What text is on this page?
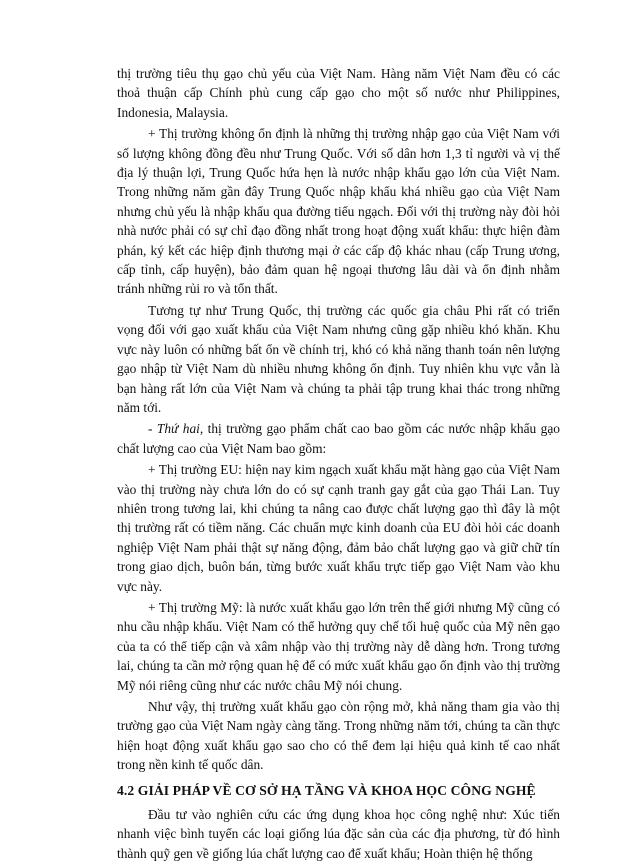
thị trường tiêu thụ gạo chủ yếu của Việt Nam. Hàng năm Việt Nam đều có các thoả thuận cấp Chính phủ cung cấp gạo cho một số nước như Philippines, Indonesia, Malaysia.

+ Thị trường không ổn định là những thị trường nhập gạo của Việt Nam với số lượng không đồng đều như Trung Quốc. Với số dân hơn 1,3 tỉ người và vị thế địa lý thuận lợi, Trung Quốc hứa hẹn là nước nhập khẩu gạo lớn của Việt Nam. Trong những năm gần đây Trung Quốc nhập khẩu khá nhiều gạo của Việt Nam nhưng chủ yếu là nhập khẩu qua đường tiểu ngạch. Đối với thị trường này đòi hỏi nhà nước phải có sự chỉ đạo đồng nhất trong hoạt động xuất khẩu: thực hiện đàm phán, ký kết các hiệp định thương mại ở các cấp độ khác nhau (cấp Trung ương, cấp tỉnh, cấp huyện), bảo đảm quan hệ ngoại thương lâu dài và ổn định nhằm tránh những rủi ro và tổn thất.

Tương tự như Trung Quốc, thị trường các quốc gia châu Phi rất có triển vọng đối với gạo xuất khẩu của Việt Nam nhưng cũng gặp nhiều khó khăn. Khu vực này luôn có những bất ổn về chính trị, khó có khả năng thanh toán nên lượng gạo nhập từ Việt Nam dù nhiều nhưng không ổn định. Tuy nhiên khu vực vẫn là bạn hàng rất lớn của Việt Nam và chúng ta phải tập trung khai thác trong những năm tới.

- Thứ hai, thị trường gạo phẩm chất cao bao gồm các nước nhập khẩu gạo chất lượng cao của Việt Nam bao gồm:

+ Thị trường EU: hiện nay kim ngạch xuất khẩu mặt hàng gạo của Việt Nam vào thị trường này chưa lớn do có sự cạnh tranh gay gắt của gạo Thái Lan. Tuy nhiên trong tương lai, khi chúng ta nâng cao được chất lượng gạo thì đây là một thị trường rất có tiềm năng. Các chuẩn mực kinh doanh của EU đòi hỏi các doanh nghiệp Việt Nam phải thật sự năng động, đảm bảo chất lượng gạo và giữ chữ tín trong giao dịch, buôn bán, từng bước xuất khẩu trực tiếp gạo Việt Nam vào khu vực này.

+ Thị trường Mỹ: là nước xuất khẩu gạo lớn trên thế giới nhưng Mỹ cũng có nhu cầu nhập khẩu. Việt Nam có thể hưởng quy chế tối huệ quốc của Mỹ nên gạo của ta có thể tiếp cận và xâm nhập vào thị trường này dễ dàng hơn. Trong tương lai, chúng ta cần mở rộng quan hệ để có mức xuất khẩu gạo ổn định vào thị trường Mỹ nói riêng cũng như các nước châu Mỹ nói chung.

Như vậy, thị trường xuất khẩu gạo còn rộng mở, khả năng tham gia vào thị trường gạo của Việt Nam ngày càng tăng. Trong những năm tới, chúng ta cần thực hiện hoạt động xuất khẩu gạo sao cho có thể đem lại hiệu quả kinh tế cao nhất trong nền kinh tế quốc dân.

4.2 GIẢI PHÁP VỀ CƠ SỞ HẠ TẦNG VÀ KHOA HỌC CÔNG NGHỆ

Đầu tư vào nghiên cứu các ứng dụng khoa học công nghệ như: Xúc tiến nhanh việc bình tuyển các loại giống lúa đặc sản của các địa phương, từ đó hình thành quỹ gen về giống lúa chất lượng cao để xuất khẩu; Hoàn thiện hệ thống
